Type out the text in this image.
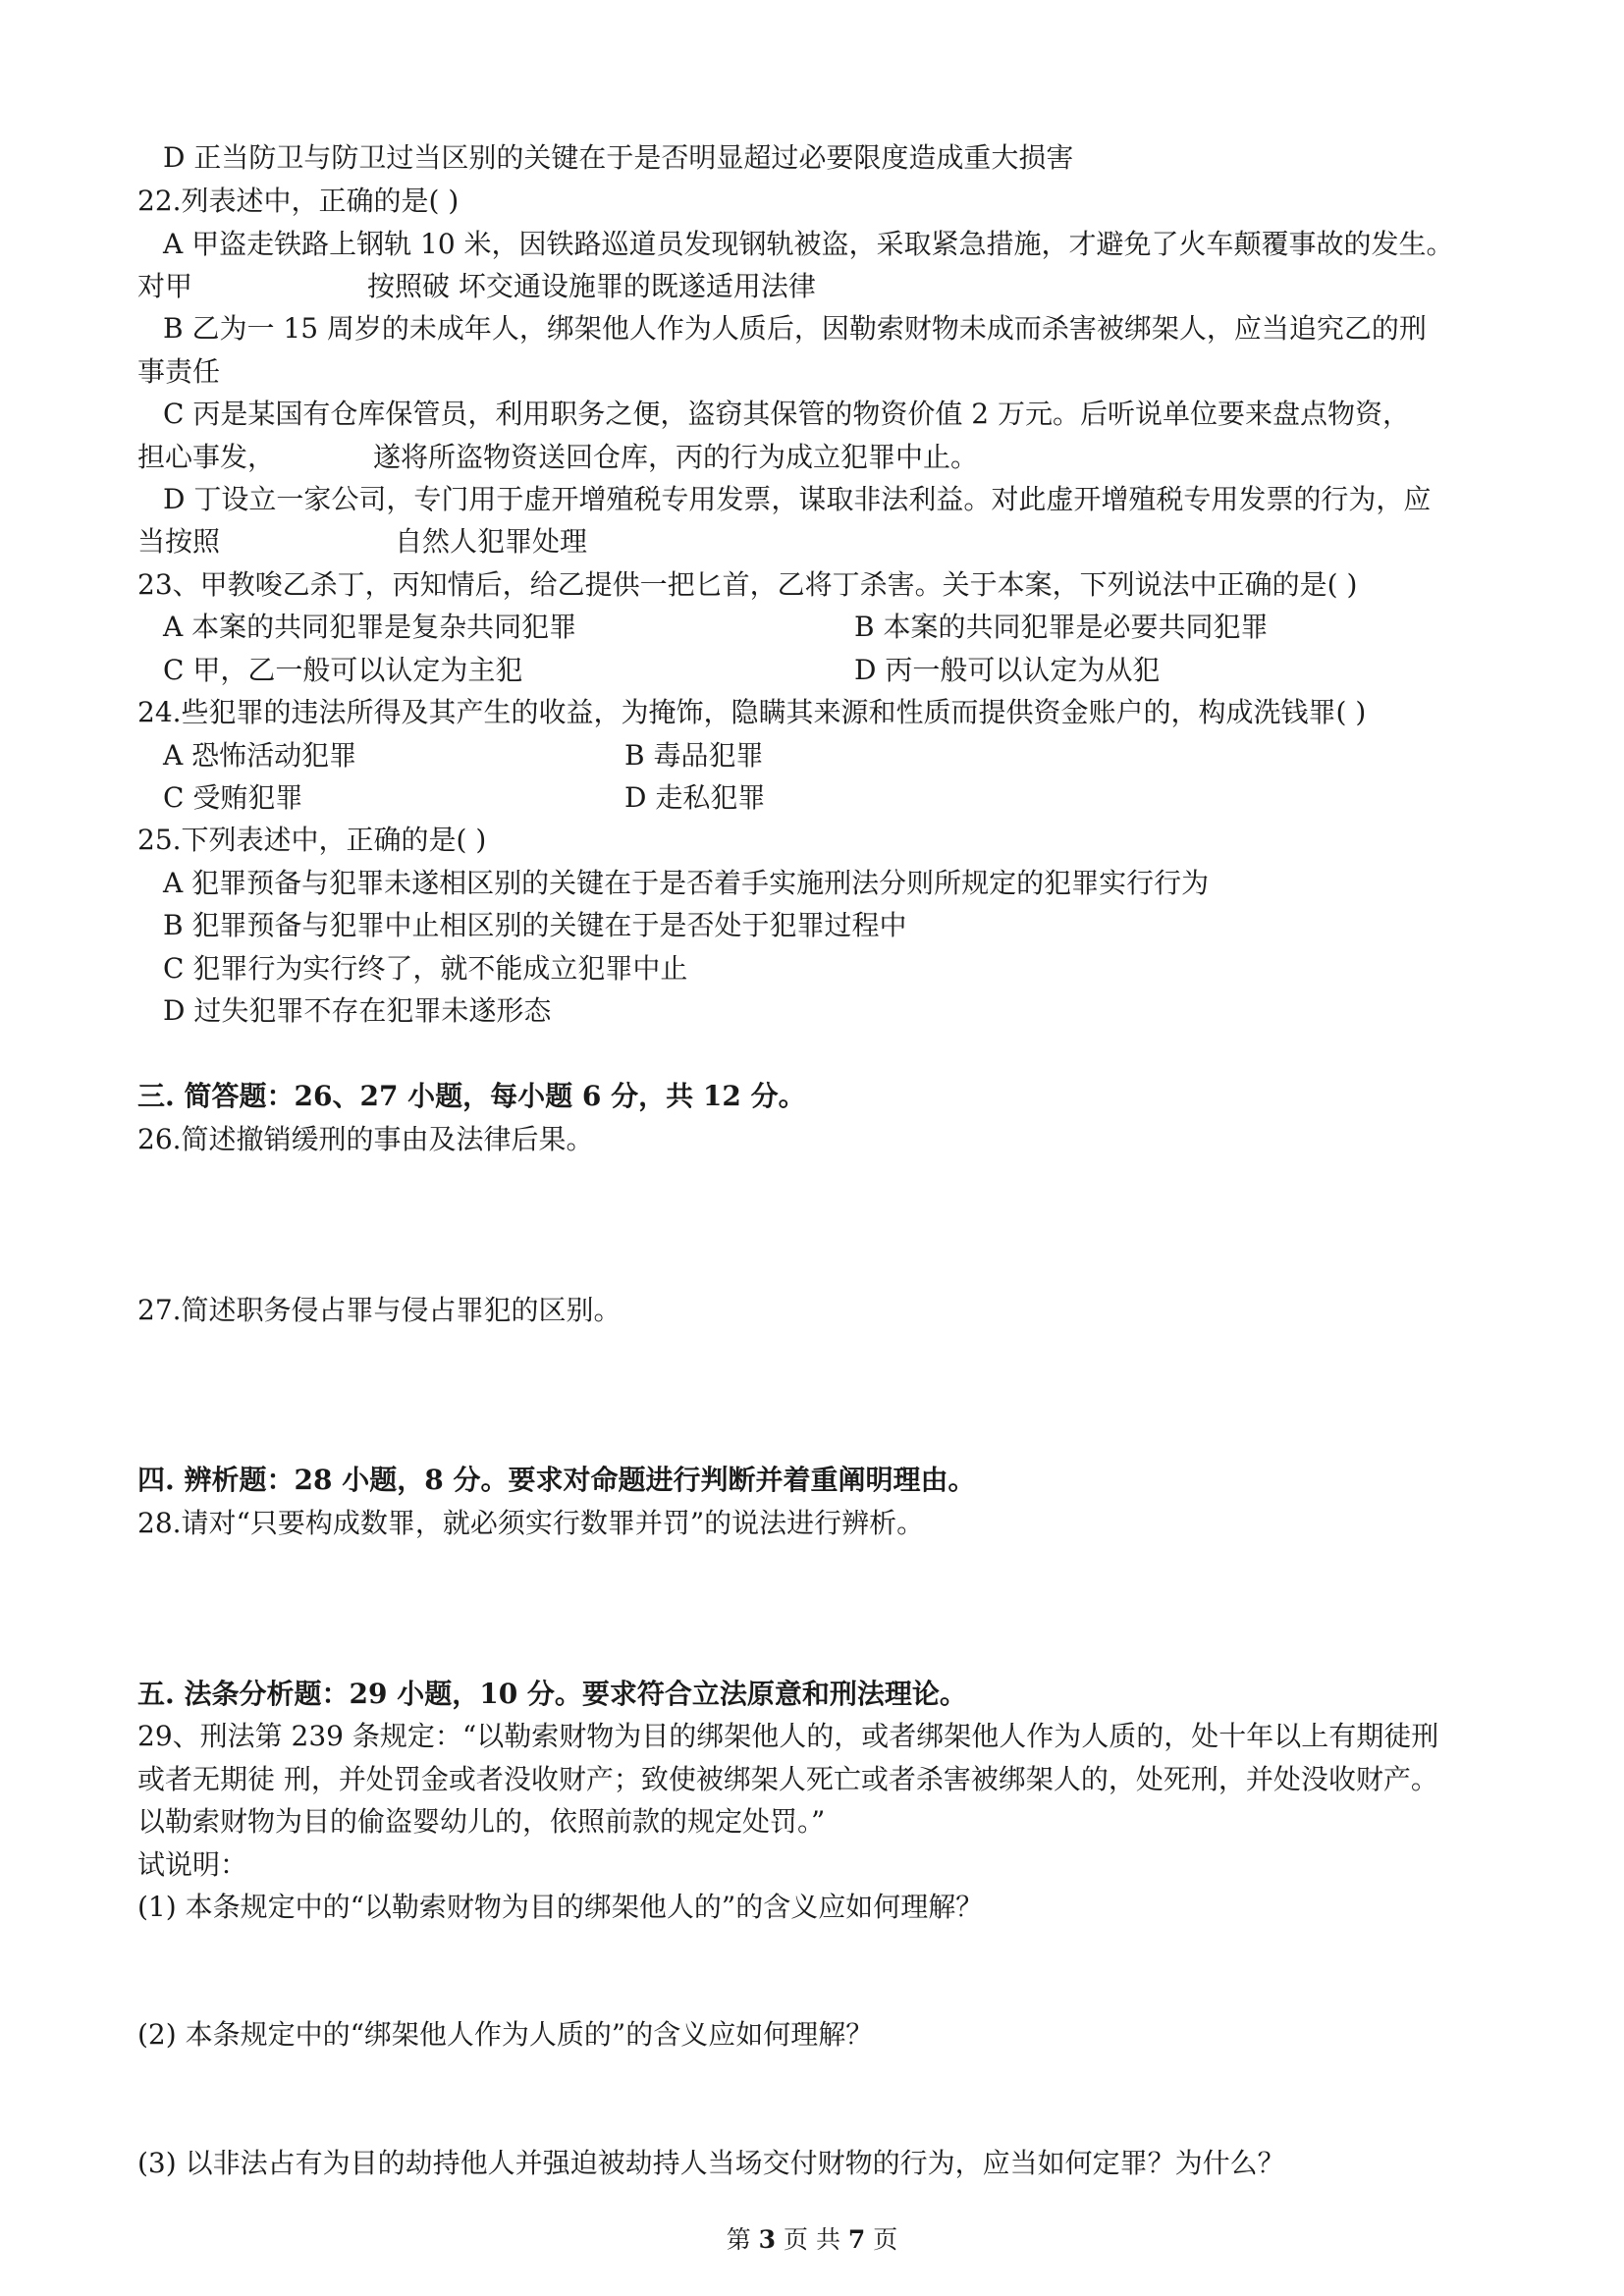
D 正当防卫与防卫过当区别的关键在于是否明显超过必要限度造成重大损害

22.列表述中，正确的是( )

A 甲盗走铁路上钢轨 10 米，因铁路巡道员发现钢轨被盗，采取紧急措施，才避免了火车颠覆事故的发生。

对甲	按照破 坏交通设施罪的既遂适用法律

B 乙为一 15 周岁的未成年人，绑架他人作为人质后，因勒索财物未成而杀害被绑架人，应当追究乙的刑

事责任

C 丙是某国有仓库保管员，利用职务之便，盗窃其保管的物资价值 2 万元。后听说单位要来盘点物资，

担心事发，	遂将所盗物资送回仓库，丙的行为成立犯罪中止。

D 丁设立一家公司，专门用于虚开增殖税专用发票，谋取非法利益。对此虚开增殖税专用发票的行为，应

当按照	自然人犯罪处理

23、甲教唆乙杀丁，丙知情后，给乙提供一把匕首，乙将丁杀害。关于本案，下列说法中正确的是( )

A 本案的共同犯罪是复杂共同犯罪	B 本案的共同犯罪是必要共同犯罪

C 甲，乙一般可以认定为主犯	D 丙一般可以认定为从犯

24.些犯罪的违法所得及其产生的收益，为掩饰，隐瞒其来源和性质而提供资金账户的，构成洗钱罪( )

A 恐怖活动犯罪	B 毒品犯罪

C 受贿犯罪	D 走私犯罪

25.下列表述中，正确的是( )

A 犯罪预备与犯罪未遂相区别的关键在于是否着手实施刑法分则所规定的犯罪实行行为

B 犯罪预备与犯罪中止相区别的关键在于是否处于犯罪过程中

C 犯罪行为实行终了，就不能成立犯罪中止

D 过失犯罪不存在犯罪未遂形态

三. 简答题：26、27 小题，每小题 6 分，共 12 分。

26.简述撤销缓刑的事由及法律后果。

27.简述职务侵占罪与侵占罪犯的区别。

四. 辨析题：28 小题，8 分。要求对命题进行判断并着重阐明理由。

28.请对“只要构成数罪，就必须实行数罪并罚”的说法进行辨析。

五. 法条分析题：29 小题，10 分。要求符合立法原意和刑法理论。

29、刑法第 239 条规定：“以勒索财物为目的绑架他人的，或者绑架他人作为人质的，处十年以上有期徒刑

或者无期徒 刑，并处罚金或者没收财产；致使被绑架人死亡或者杀害被绑架人的，处死刑，并处没收财产。

以勒索财物为目的偷盗婴幼儿的，依照前款的规定处罚。”

试说明：

(1) 本条规定中的“以勒索财物为目的绑架他人的”的含义应如何理解？

(2) 本条规定中的“绑架他人作为人质的”的含义应如何理解？

(3) 以非法占有为目的劫持他人并强迫被劫持人当场交付财物的行为，应当如何定罪？为什么？

第 3 页 共 7 页
